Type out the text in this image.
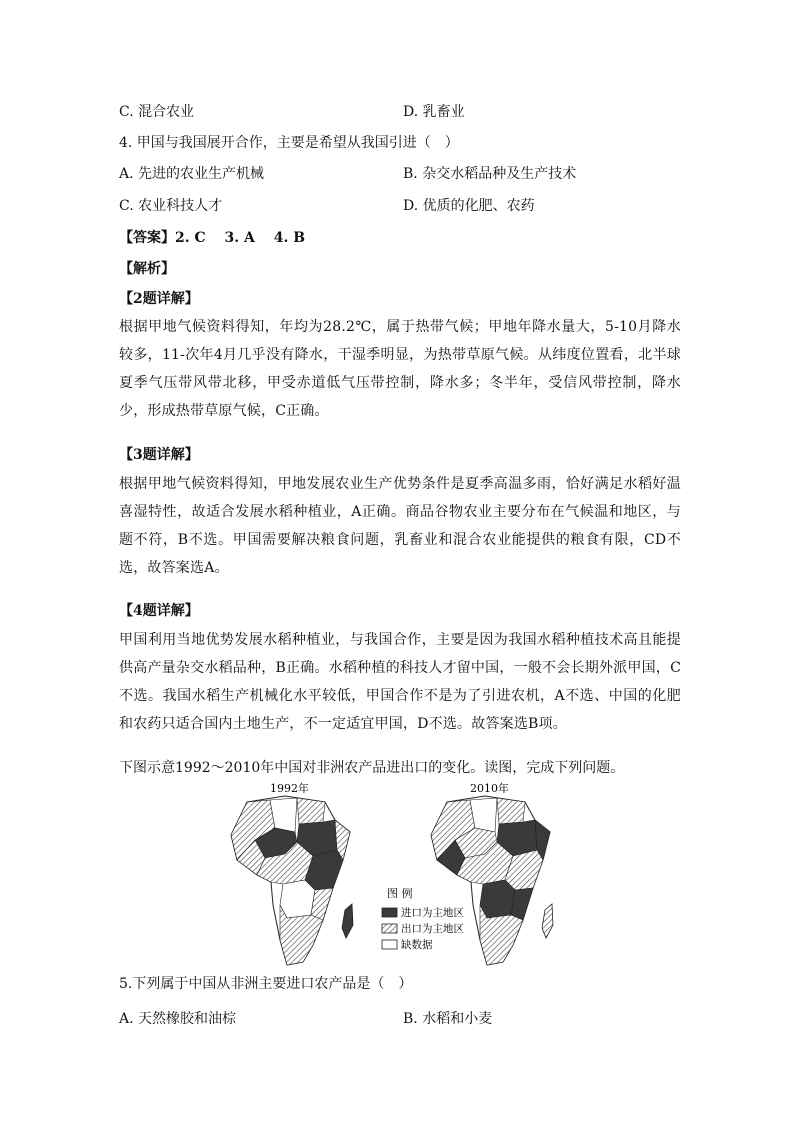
C. 混合农业	D. 乳畜业
4. 甲国与我国展开合作，主要是希望从我国引进（　）
A. 先进的农业生产机械	B. 杂交水稻品种及生产技术
C. 农业科技人才	D. 优质的化肥、农药
【答案】2. C　 3. A　 4. B
【解析】
【2题详解】
根据甲地气候资料得知，年均为28.2℃，属于热带气候；甲地年降水量大，5-10月降水较多，11-次年4月几乎没有降水，干湿季明显，为热带草原气候。从纬度位置看，北半球夏季气压带风带北移，甲受赤道低气压带控制，降水多；冬半年，受信风带控制，降水少，形成热带草原气候，C正确。
【3题详解】
根据甲地气候资料得知，甲地发展农业生产优势条件是夏季高温多雨，恰好满足水稻好温喜湿特性，故适合发展水稻种植业，A正确。商品谷物农业主要分布在气候温和地区，与题不符，B不选。甲国需要解决粮食问题，乳畜业和混合农业能提供的粮食有限，CD不选，故答案选A。
【4题详解】
甲国利用当地优势发展水稻种植业，与我国合作，主要是因为我国水稻种植技术高且能提供高产量杂交水稻品种，B正确。水稻种植的科技人才留中国，一般不会长期外派甲国，C不选。我国水稻生产机械化水平较低，甲国合作不是为了引进农机，A不选、中国的化肥和农药只适合国内土地生产，不一定适宜甲国，D不选。故答案选B项。
下图示意1992～2010年中国对非洲农产品进出口的变化。读图，完成下列问题。
1992年	2010年
图 例
进口为主地区
出口为主地区
缺数据
5.下列属于中国从非洲主要进口农产品是（　）
A. 天然橡胶和油棕	B. 水稻和小麦
